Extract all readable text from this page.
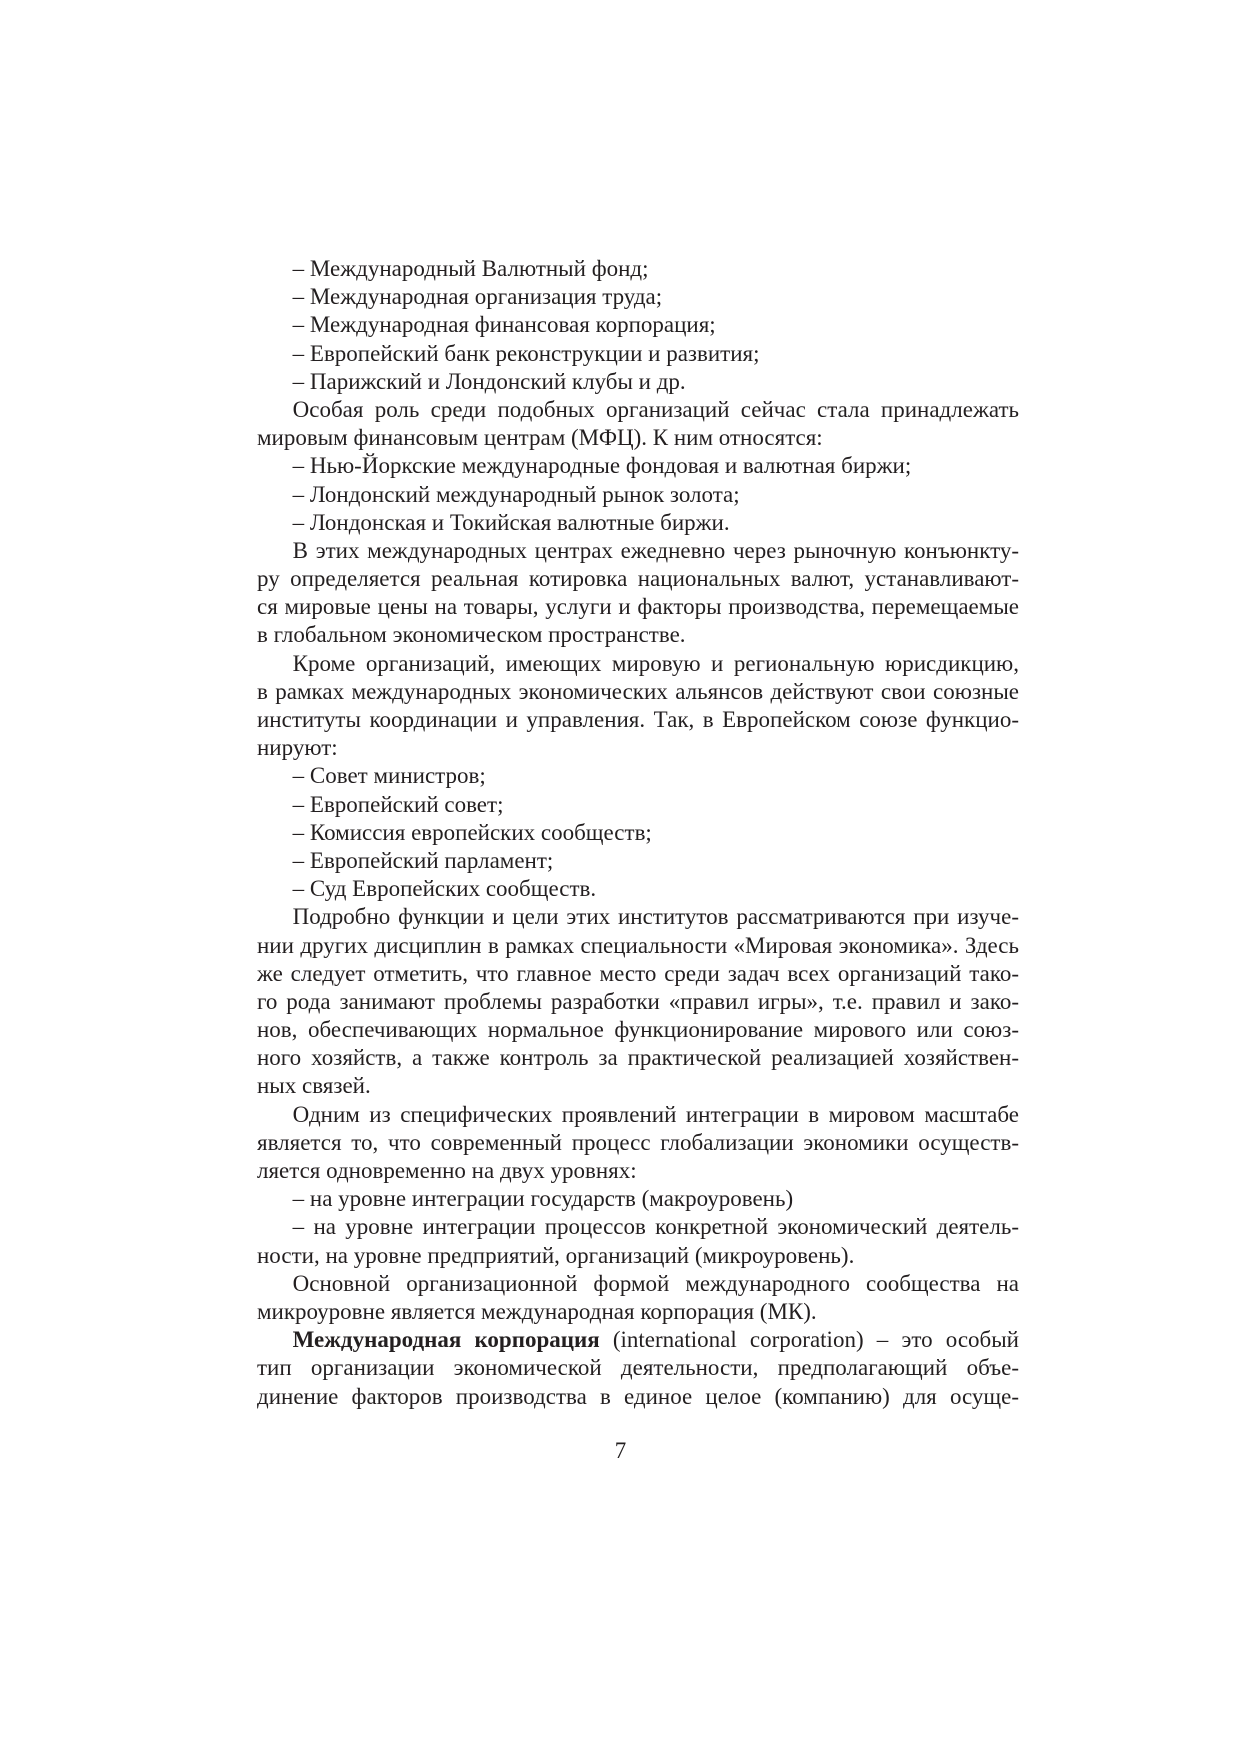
– Международный Валютный фонд;
– Международная организация труда;
– Международная финансовая корпорация;
– Европейский банк реконструкции и развития;
– Парижский и Лондонский клубы и др.
Особая роль среди подобных организаций сейчас стала принадлежать
мировым финансовым центрам (МФЦ). К ним относятся:
– Нью-Йоркские международные фондовая и валютная биржи;
– Лондонский международный рынок золота;
– Лондонская и Токийская валютные биржи.
В этих международных центрах ежедневно через рыночную конъюнкту-
ру определяется реальная котировка национальных валют, устанавливают-
ся мировые цены на товары, услуги и факторы производства, перемещаемые
в глобальном экономическом пространстве.
Кроме организаций, имеющих мировую и региональную юрисдикцию,
в рамках международных экономических альянсов действуют свои союзные
институты координации и управления. Так, в Европейском союзе функцио-
нируют:
– Совет министров;
– Европейский совет;
– Комиссия европейских сообществ;
– Европейский парламент;
– Суд Европейских сообществ.
Подробно функции и цели этих институтов рассматриваются при изуче-
нии других дисциплин в рамках специальности «Мировая экономика». Здесь
же следует отметить, что главное место среди задач всех организаций тако-
го рода занимают проблемы разработки «правил игры», т.е. правил и зако-
нов, обеспечивающих нормальное функционирование мирового или союз-
ного хозяйств, а также контроль за практической реализацией хозяйствен-
ных связей.
Одним из специфических проявлений интеграции в мировом масштабе
является то, что современный процесс глобализации экономики осуществ-
ляется одновременно на двух уровнях:
– на уровне интеграции государств (макроуровень)
– на уровне интеграции процессов конкретной экономический деятель-
ности, на уровне предприятий, организаций (микроуровень).
Основной организационной формой международного сообщества на
микроуровне является международная корпорация (МК).
Международная корпорация (international corporation) – это особый
тип организации экономической деятельности, предполагающий объе-
динение факторов производства в единое целое (компанию) для осуще-
7
